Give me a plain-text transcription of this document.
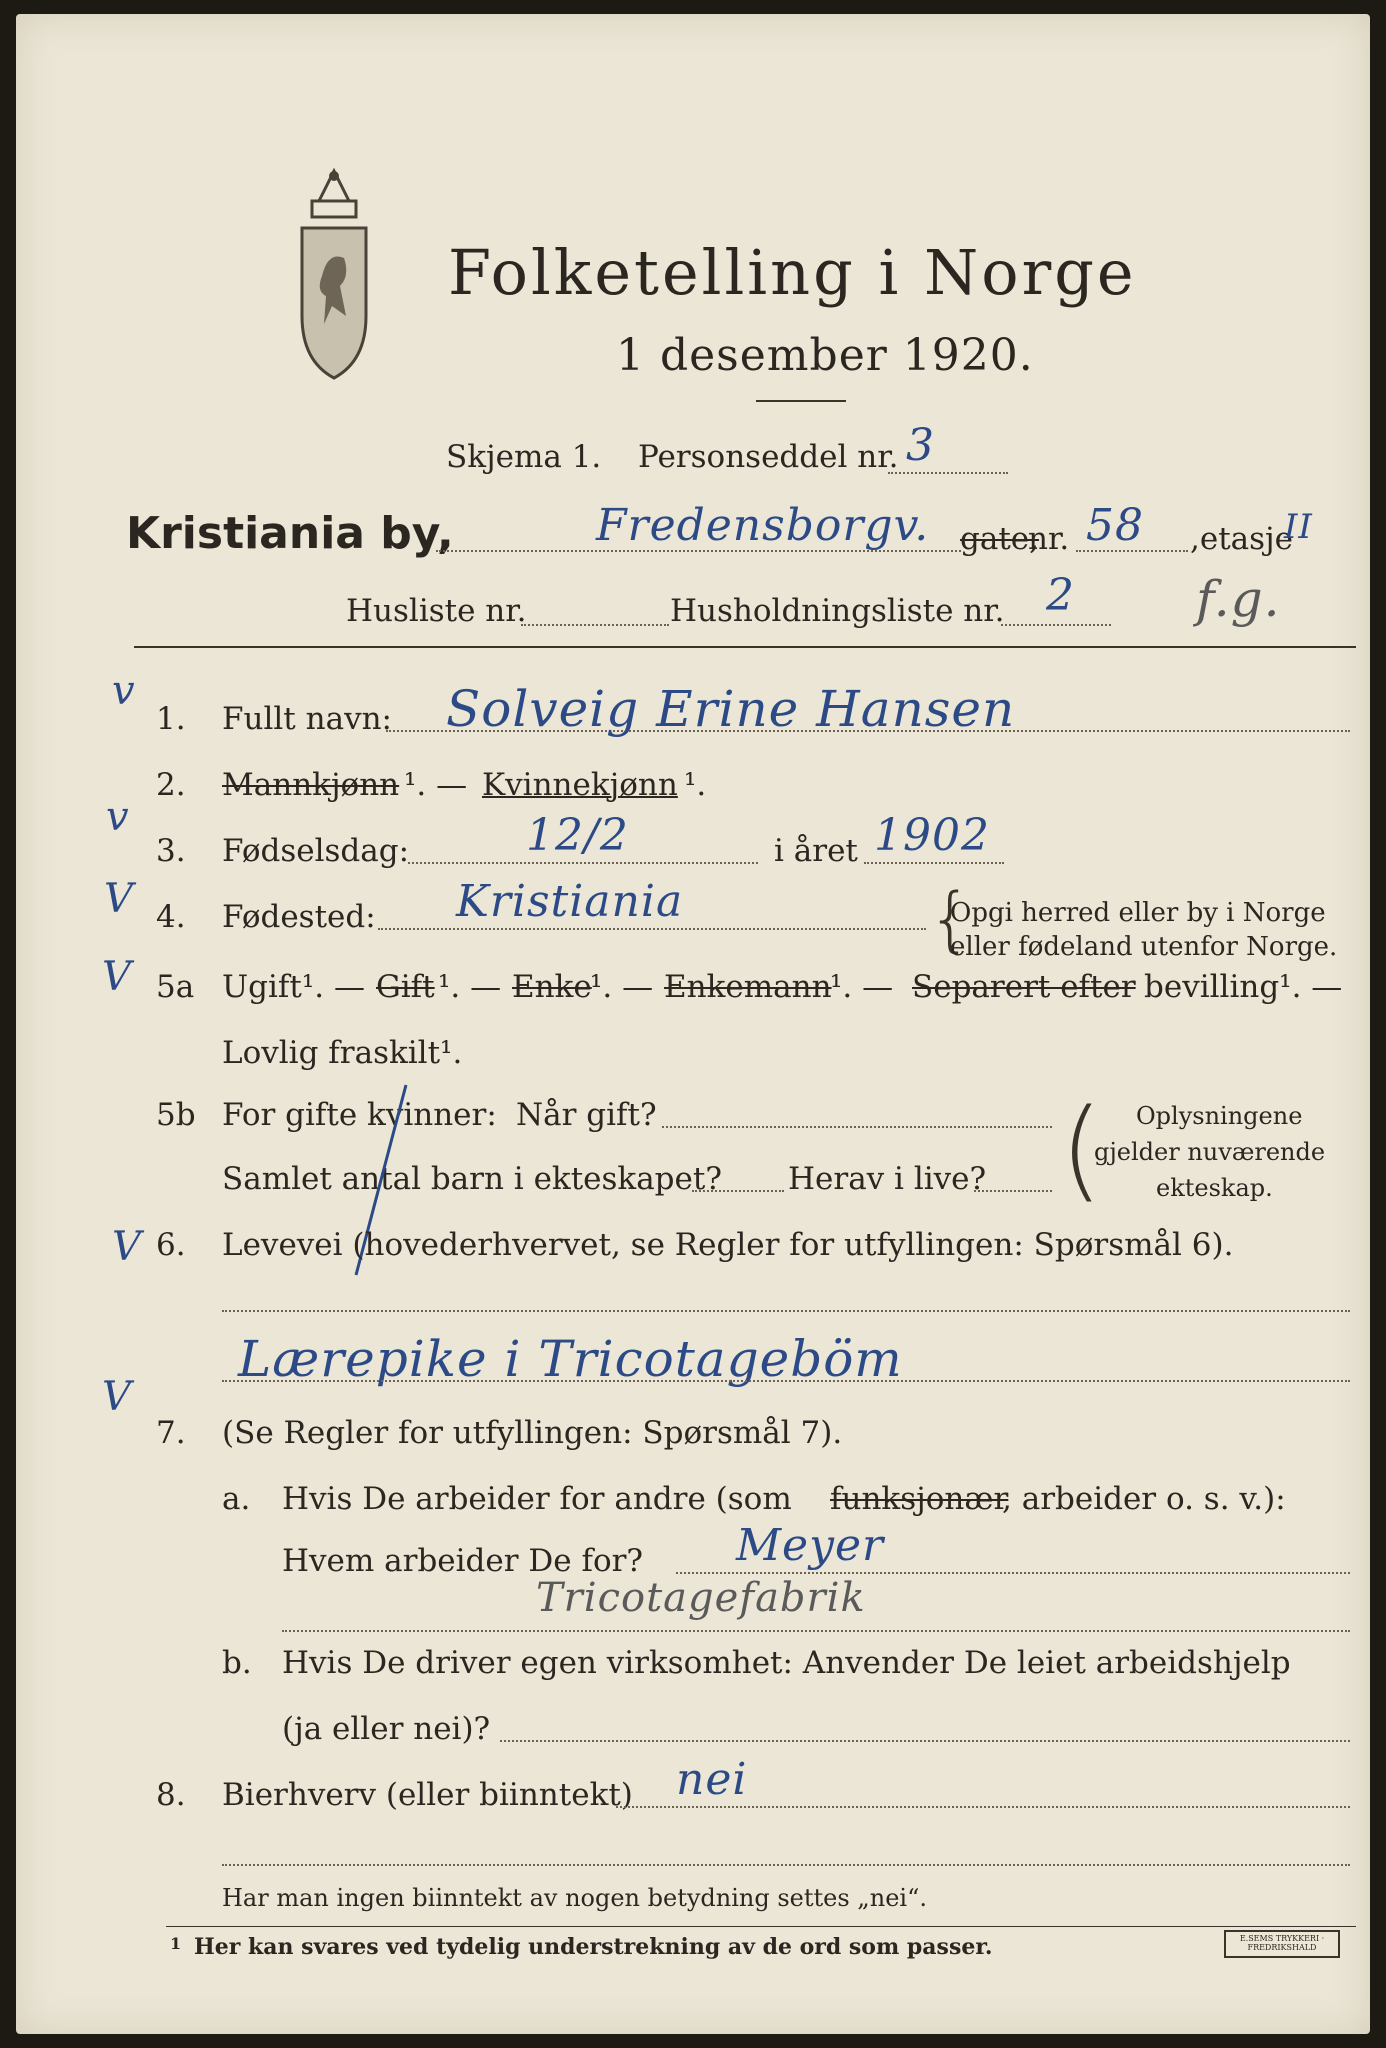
Folketelling i Norge
1 desember 1920.
Skjema 1. Personseddel nr. 3
Kristiania by,	Fredensborgv. gate,
nr. 58 ,etasje
II
Husliste nr.	Husholdningsliste nr. 2 f.g.
v
v
V
V
V
V
1. Fullt navn: Solveig Erine Hansen
2. Mannkjønn ¹. — Kvinnekjønn ¹.
3. Fødselsdag:	12/2	i året 1902
4. Fødested: Kristiania	{
Opgi herred eller by i Norge
eller fødeland utenfor Norge.
5a Ugift¹. — Gift ¹. — Enke
¹. — Enkemann
¹. — Separert efter bevilling¹. —
Lovlig fraskilt¹.
5b For gifte kvinner: Når gift?
Samlet antal barn i ekteskapet? Herav i live? ( Oplysningene
gjelder nuværende
ekteskap.
6. Levevei (hovederhvervet, se Regler for utfyllingen: Spørsmål 6).
Lærepike i Tricotageböm
7. (Se Regler for utfyllingen: Spørsmål 7).
a. Hvis De arbeider for andre (som funksjonær
, arbeider o. s. v.):
Hvem arbeider De for? Meyer
Tricotagefabrik
b. Hvis De driver egen virksomhet: Anvender De leiet arbeidshjelp
(ja eller nei)?
8. Bierhverv (eller biinntekt) nei
Har man ingen biinntekt av nogen betydning settes „nei“.
1 Her kan svares ved tydelig understrekning av de ord som passer.	E.SEMS TRYKKERI · FREDRIKSHALD
